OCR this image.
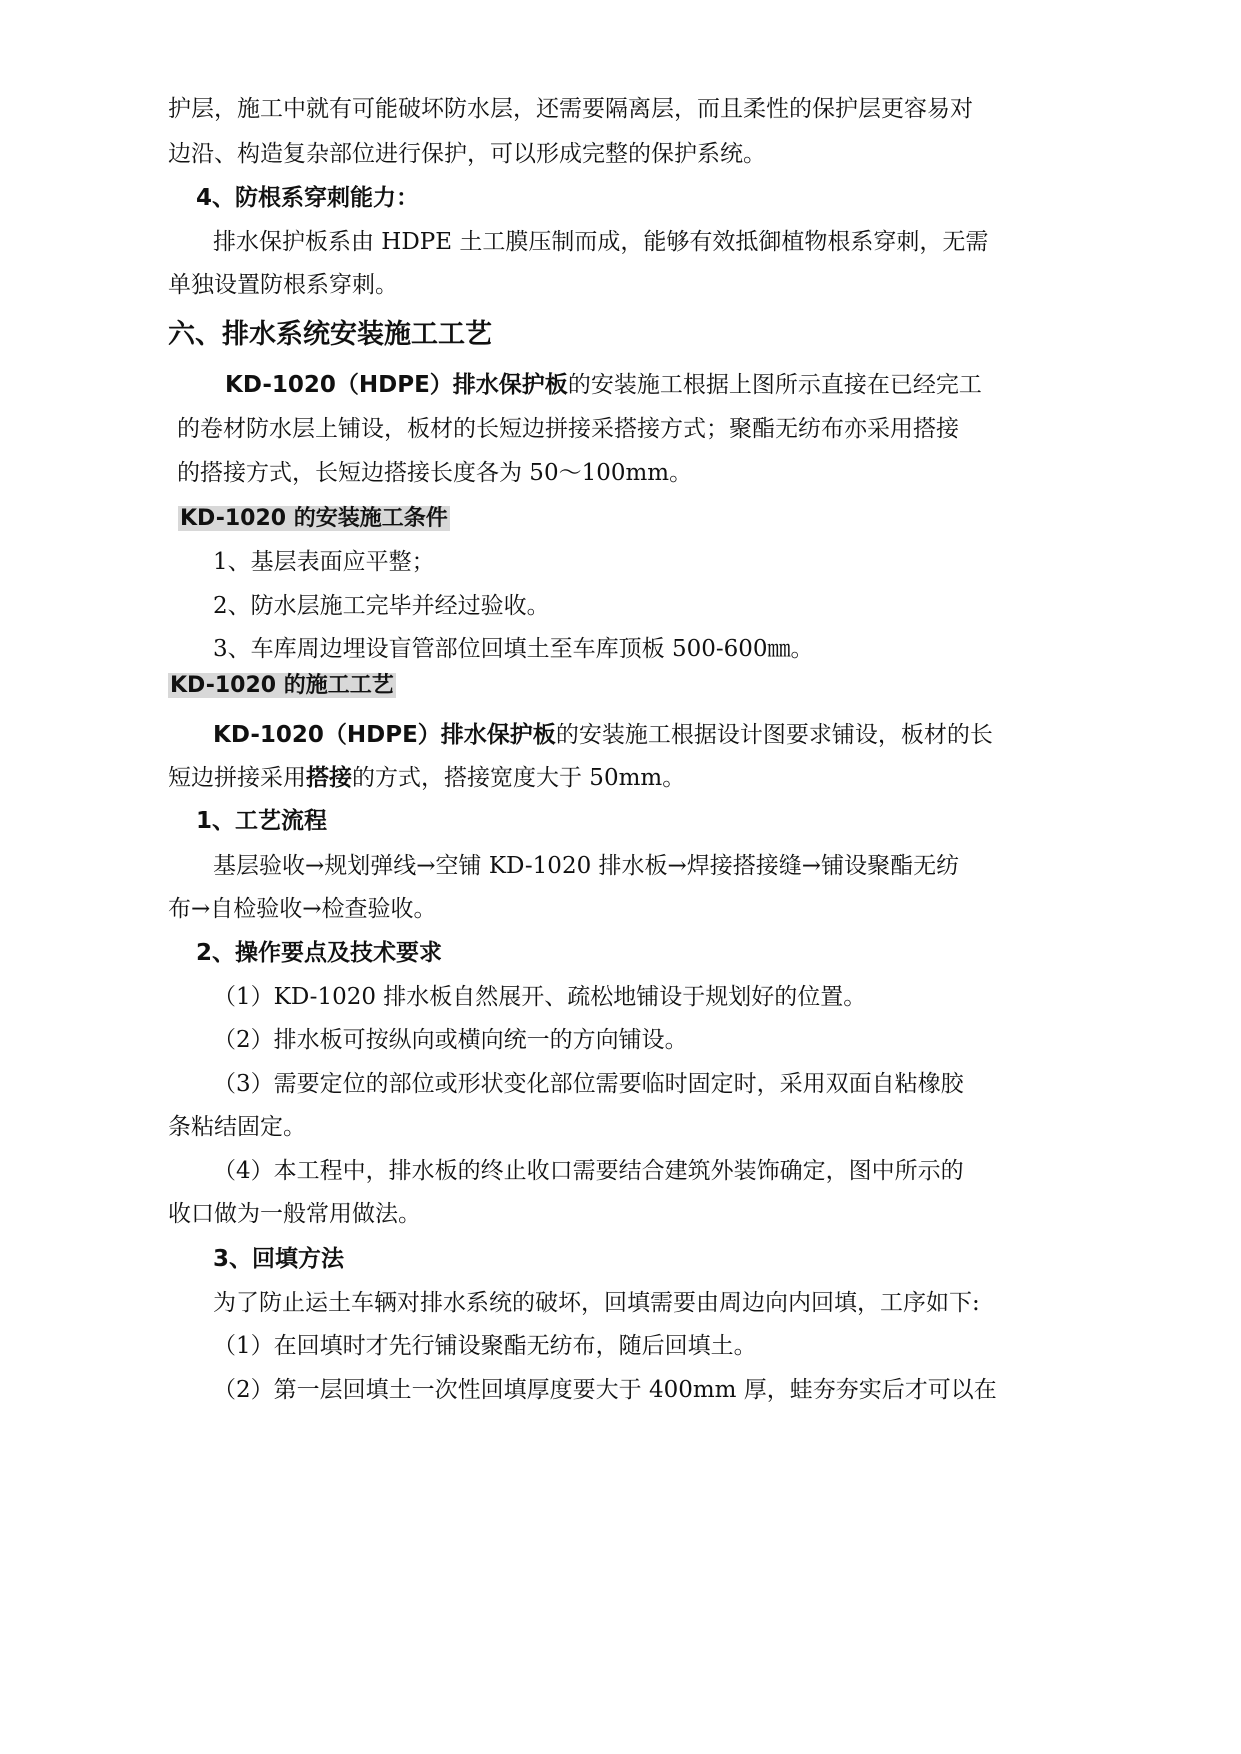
护层，施工中就有可能破坏防水层，还需要隔离层，而且柔性的保护层更容易对
边沿、构造复杂部位进行保护，可以形成完整的保护系统。
4、防根系穿刺能力：
排水保护板系由 HDPE 土工膜压制而成，能够有效抵御植物根系穿刺，无需
单独设置防根系穿刺。
六、排水系统安装施工工艺
KD-1020（HDPE）排水保护板的安装施工根据上图所示直接在已经完工
的卷材防水层上铺设，板材的长短边拼接采搭接方式；聚酯无纺布亦采用搭接
的搭接方式，长短边搭接长度各为 50～100mm。
KD-1020 的安装施工条件
1、基层表面应平整；
2、防水层施工完毕并经过验收。
3、车库周边埋设盲管部位回填土至车库顶板 500-600㎜。
KD-1020 的施工工艺
KD-1020（HDPE）排水保护板的安装施工根据设计图要求铺设，板材的长
短边拼接采用搭接的方式，搭接宽度大于 50mm。
1、工艺流程
基层验收→规划弹线→空铺 KD-1020 排水板→焊接搭接缝→铺设聚酯无纺
布→自检验收→检查验收。
2、操作要点及技术要求
（1）KD-1020 排水板自然展开、疏松地铺设于规划好的位置。
（2）排水板可按纵向或横向统一的方向铺设。
（3）需要定位的部位或形状变化部位需要临时固定时，采用双面自粘橡胶
条粘结固定。
（4）本工程中，排水板的终止收口需要结合建筑外装饰确定，图中所示的
收口做为一般常用做法。
3、回填方法
为了防止运土车辆对排水系统的破坏，回填需要由周边向内回填，工序如下:
（1）在回填时才先行铺设聚酯无纺布，随后回填土。
（2）第一层回填土一次性回填厚度要大于 400mm 厚，蛙夯夯实后才可以在
